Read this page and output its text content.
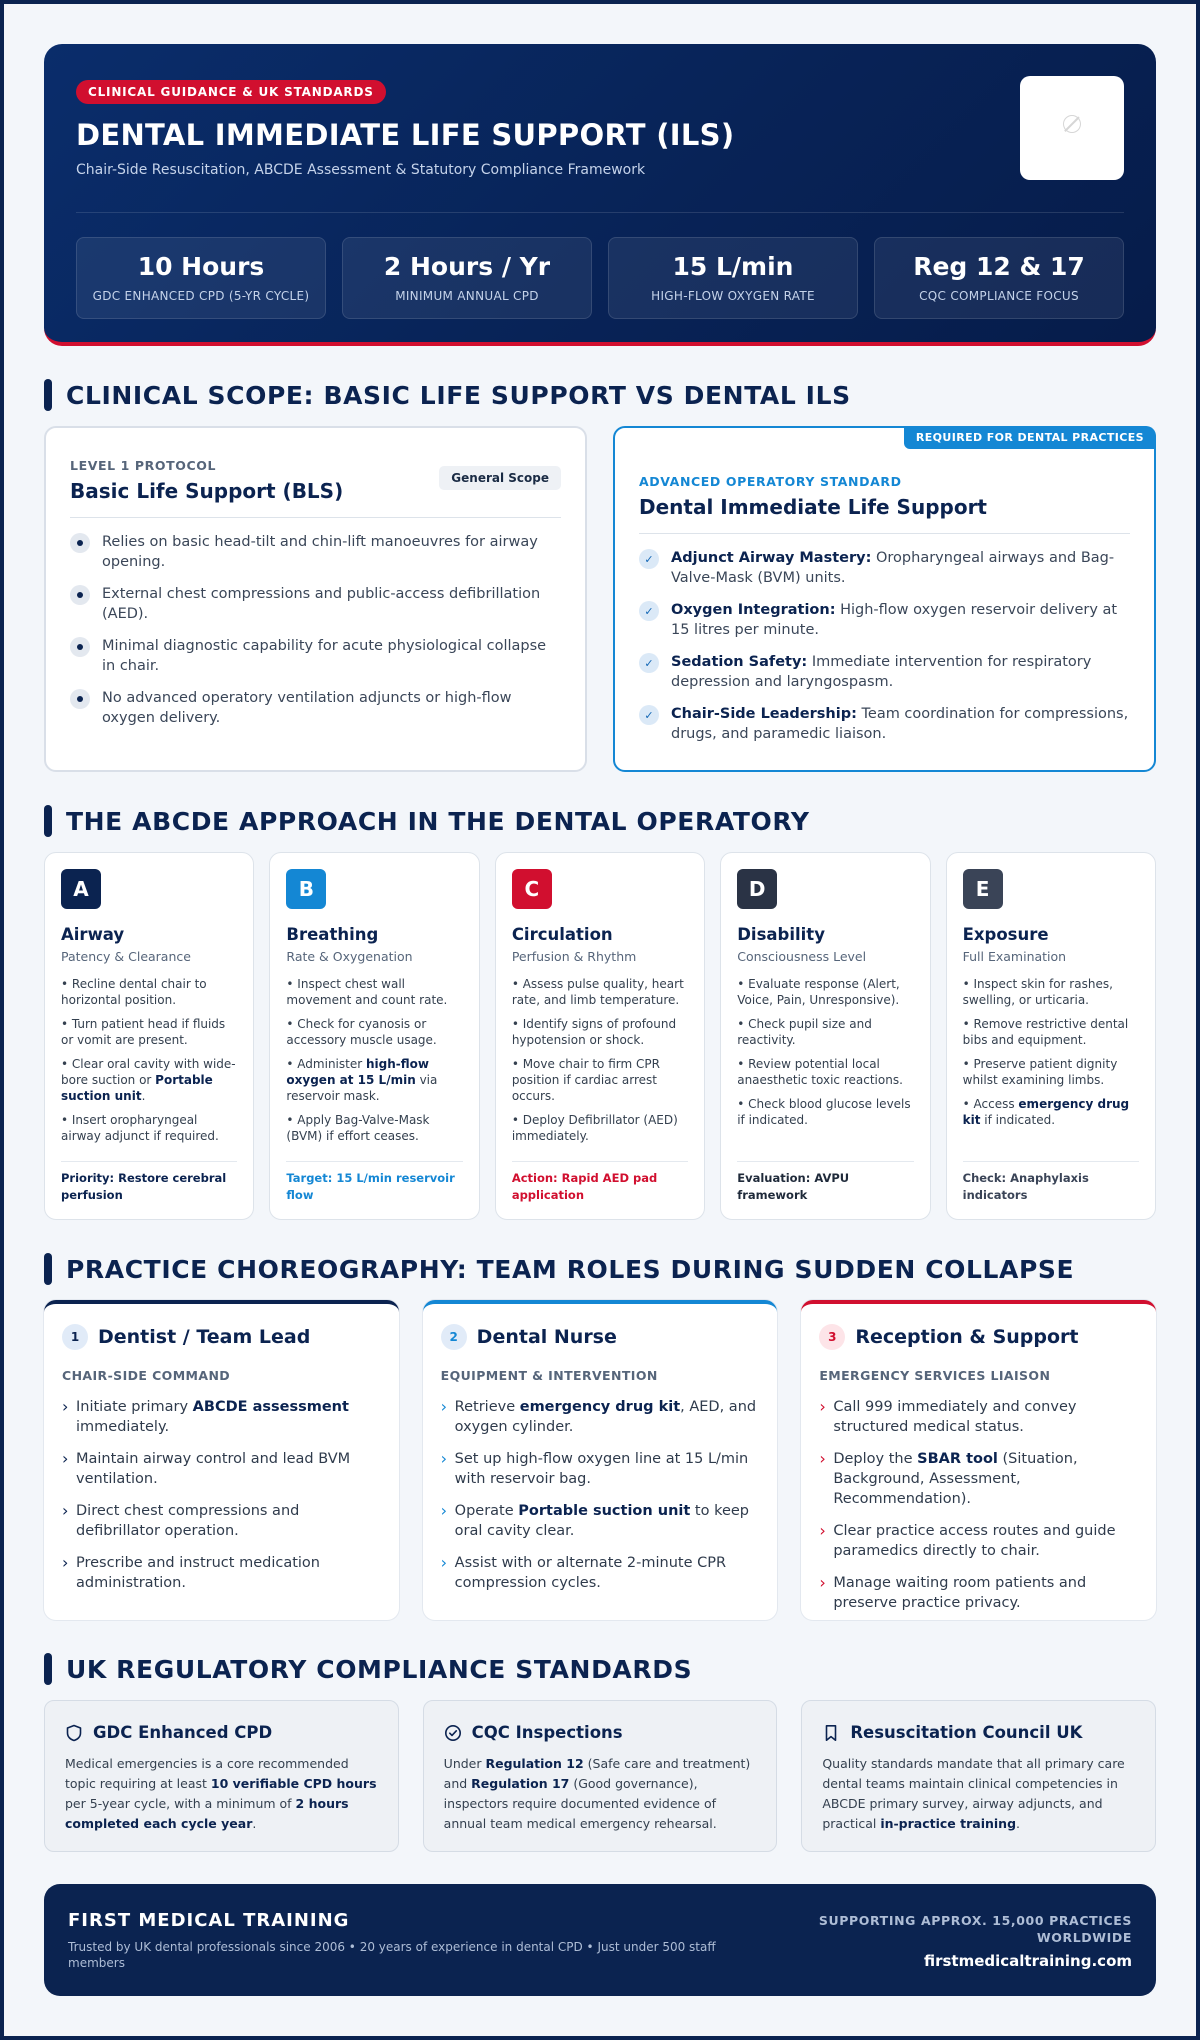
CLINICAL GUIDANCE & UK STANDARDS
DENTAL IMMEDIATE LIFE SUPPORT (ILS)
Chair-Side Resuscitation, ABCDE Assessment & Statutory Compliance Framework

10 Hours
GDC ENHANCED CPD (5-YR CYCLE)
2 Hours / Yr
MINIMUM ANNUAL CPD
15 L/min
HIGH-FLOW OXYGEN RATE
Reg 12 & 17
CQC COMPLIANCE FOCUS
CLINICAL SCOPE: BASIC LIFE SUPPORT VS DENTAL ILS
LEVEL 1 PROTOCOL
Basic Life Support (BLS)
General Scope
Relies on basic head-tilt and chin-lift manoeuvres for airway opening.
External chest compressions and public-access defibrillation (AED).
Minimal diagnostic capability for acute physiological collapse in chair.
No advanced operatory ventilation adjuncts or high-flow oxygen delivery.
REQUIRED FOR DENTAL PRACTICES
ADVANCED OPERATORY STANDARD
Dental Immediate Life Support
✓	Adjunct Airway Mastery: Oropharyngeal airways and Bag-Valve-Mask (BVM) units.
✓	Oxygen Integration: High-flow oxygen reservoir delivery at 15 litres per minute.
✓	Sedation Safety: Immediate intervention for respiratory depression and laryngospasm.
✓	Chair-Side Leadership: Team coordination for compressions, drugs, and paramedic liaison.
THE ABCDE APPROACH IN THE DENTAL OPERATORY
A
Airway
Patency & Clearance
• Recline dental chair to horizontal position.
• Turn patient head if fluids or vomit are present.
• Clear oral cavity with wide-bore suction or Portable suction unit.
• Insert oropharyngeal airway adjunct if required.
Priority: Restore cerebral perfusion
B
Breathing
Rate & Oxygenation
• Inspect chest wall movement and count rate.
• Check for cyanosis or accessory muscle usage.
• Administer high-flow oxygen at 15 L/min via reservoir mask.
• Apply Bag-Valve-Mask (BVM) if effort ceases.
Target: 15 L/min reservoir flow
C
Circulation
Perfusion & Rhythm
• Assess pulse quality, heart rate, and limb temperature.
• Identify signs of profound hypotension or shock.
• Move chair to firm CPR position if cardiac arrest occurs.
• Deploy Defibrillator (AED) immediately.
Action: Rapid AED pad application
D
Disability
Consciousness Level
• Evaluate response (Alert, Voice, Pain, Unresponsive).
• Check pupil size and reactivity.
• Review potential local anaesthetic toxic reactions.
• Check blood glucose levels if indicated.
Evaluation: AVPU framework
E
Exposure
Full Examination
• Inspect skin for rashes, swelling, or urticaria.
• Remove restrictive dental bibs and equipment.
• Preserve patient dignity whilst examining limbs.
• Access emergency drug kit if indicated.
Check: Anaphylaxis indicators
PRACTICE CHOREOGRAPHY: TEAM ROLES DURING SUDDEN COLLAPSE
1 Dentist / Team Lead
CHAIR-SIDE COMMAND
› Initiate primary ABCDE assessment immediately.
› Maintain airway control and lead BVM ventilation.
› Direct chest compressions and defibrillator operation.
› Prescribe and instruct medication administration.
2 Dental Nurse
EQUIPMENT & INTERVENTION
› Retrieve emergency drug kit, AED, and oxygen cylinder.
› Set up high-flow oxygen line at 15 L/min with reservoir bag.
› Operate Portable suction unit to keep oral cavity clear.
› Assist with or alternate 2-minute CPR compression cycles.
3 Reception & Support
EMERGENCY SERVICES LIAISON
› Call 999 immediately and convey structured medical status.
› Deploy the SBAR tool (Situation, Background, Assessment, Recommendation).
› Clear practice access routes and guide paramedics directly to chair.
› Manage waiting room patients and preserve practice privacy.
UK REGULATORY COMPLIANCE STANDARDS
GDC Enhanced CPD
Medical emergencies is a core recommended topic requiring at least 10 verifiable CPD hours per 5-year cycle, with a minimum of 2 hours completed each cycle year.
CQC Inspections
Under Regulation 12 (Safe care and treatment) and Regulation 17 (Good governance), inspectors require documented evidence of annual team medical emergency rehearsal.
Resuscitation Council UK
Quality standards mandate that all primary care dental teams maintain clinical competencies in ABCDE primary survey, airway adjuncts, and practical in-practice training.
FIRST MEDICAL TRAINING
Trusted by UK dental professionals since 2006 • 20 years of experience in dental CPD • Just under 500 staff members
SUPPORTING APPROX. 15,000 PRACTICES WORLDWIDE
firstmedicaltraining.com
